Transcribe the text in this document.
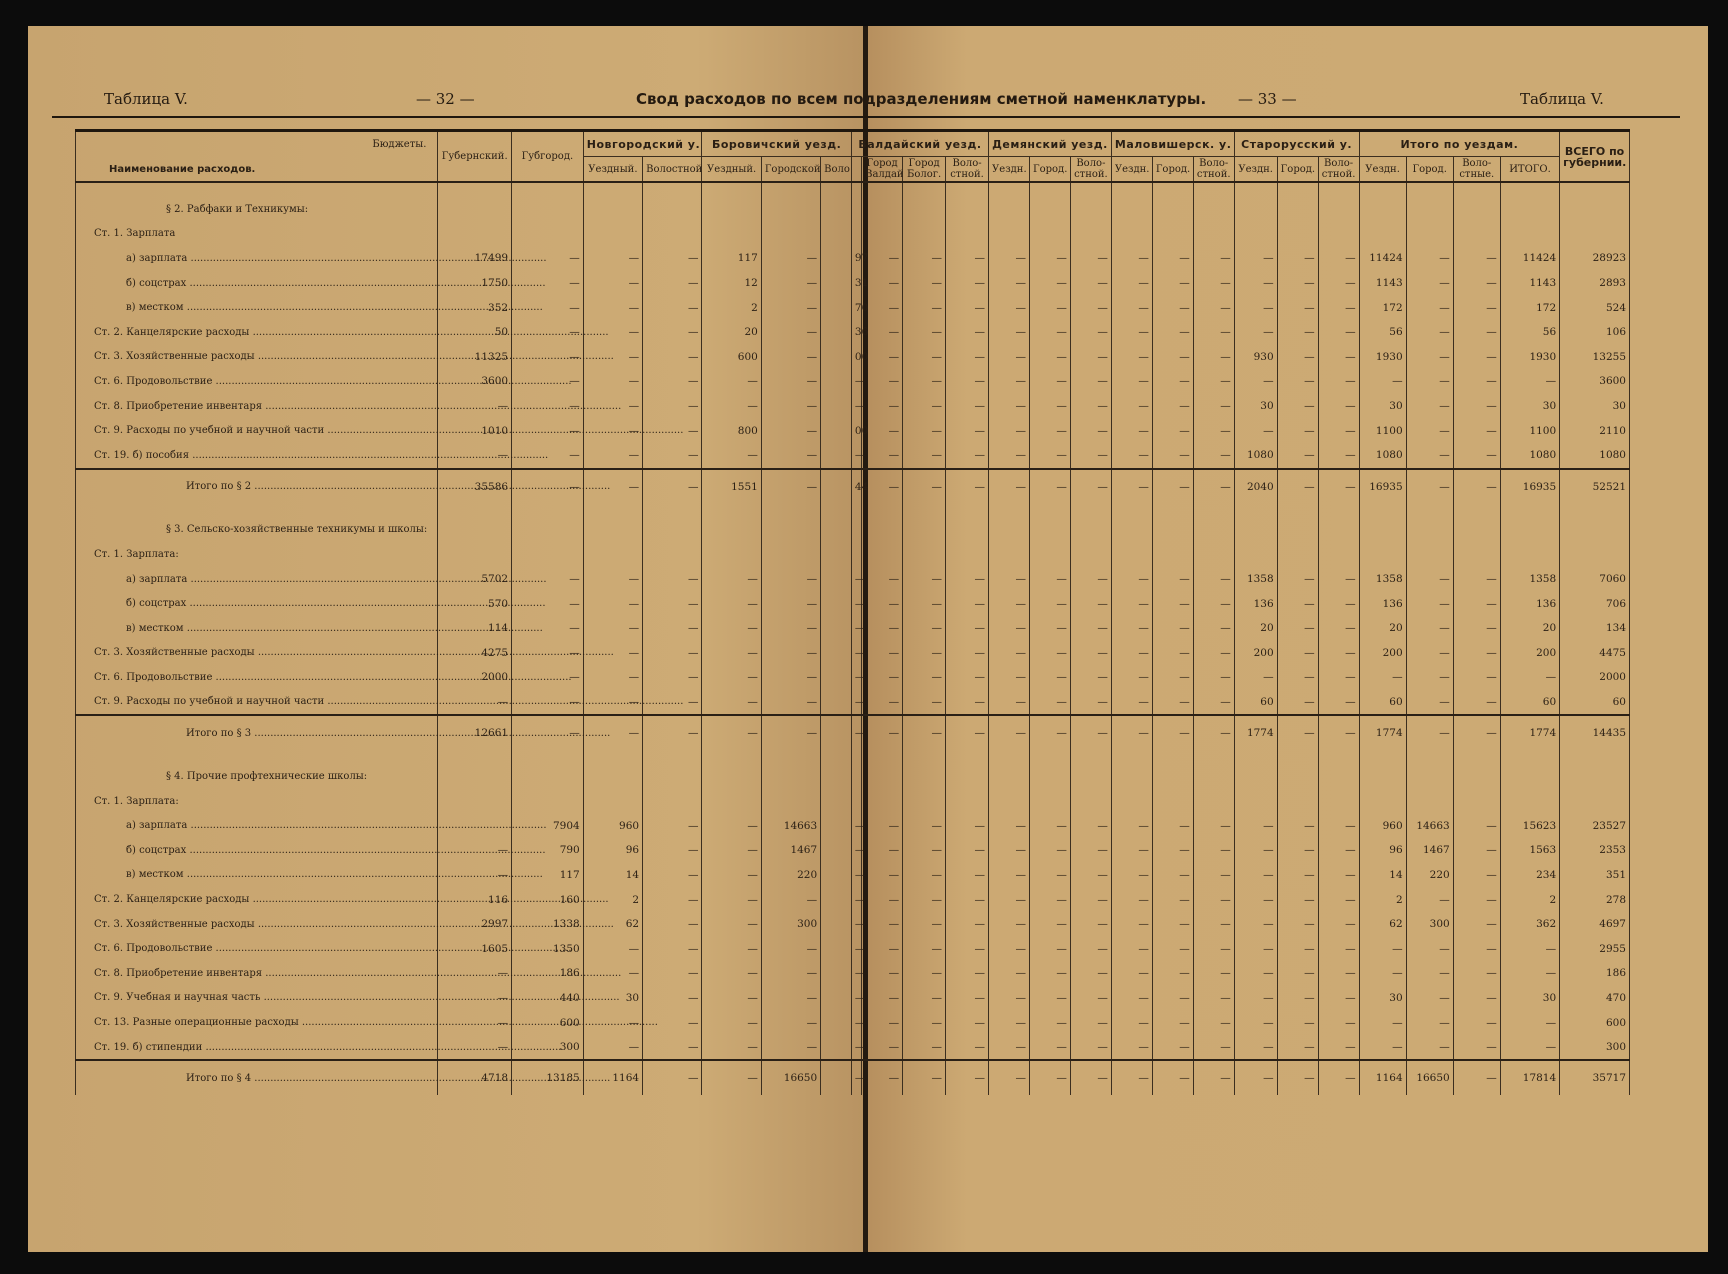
Таблица V.	— 32 —	Свод расходов по всем подразделениям сметной наменклатуры. — 33 —	Таблица V.
Бюджеты.
Наименование расходов.	Губернский.	Губгород.	Новгородский у.		Боровичский уезд.			Валдайский уезд.				Демянский уезд.			Маловишерск. у.			Старорусский у.			Итого по уездам.				ВСЕГО по губернии.
			Уездный.	Волостной	Уездный.	Городской	Воло		Город Валдай	Город Болог.	Воло-стной.	Уездн.	Город.	Воло-стной.	Уездн.	Город.	Воло-стной.	Уездн.	Город.	Воло-стной.	Уездн.	Город.	Воло-стные.	ИТОГО.	

§ 2. Рабфаки и Техникумы:																									
Ст. 1. Зарплата																									
а) зарплата .....	17499	—	—	—	117	—		97	—	—	—	—	—	—	—	—	—	—	—	—	11424	—	—	11424	28923
б) соцстрах .....	1750	—	—	—	12	—		31	—	—	—	—	—	—	—	—	—	—	—	—	1143	—	—	1143	2893
в) местком .....	352	—	—	—	2	—		70	—	—	—	—	—	—	—	—	—	—	—	—	172	—	—	172	524
Ст. 2. Канцелярские расходы .....	50	—	—	—	20	—		36	—	—	—	—	—	—	—	—	—	—	—	—	56	—	—	56	106
Ст. 3. Хозяйственные расходы .....	11325	—	—	—	600	—		00	—	—	—	—	—	—	—	—	—	930	—	—	1930	—	—	1930	13255
Ст. 6. Продовольствие .....	3600	—	—	—	—	—		—	—	—	—	—	—	—	—	—	—	—	—	—	—	—	—	—	3600
Ст. 8. Приобретение инвентаря .....	—	—	—	—	—	—		—	—	—	—	—	—	—	—	—	—	30	—	—	30	—	—	30	30
Ст. 9. Расходы по учебной и научной части .....	1010	—	—	—	800	—		00	—	—	—	—	—	—	—	—	—	—	—	—	1100	—	—	1100	2110
Ст. 19. б) пособия .....	—	—	—	—	—	—		—	—	—	—	—	—	—	—	—	—	1080	—	—	1080	—	—	1080	1080
Итого по § 2 .....	35586	—	—	—	1551	—		44	—	—	—	—	—	—	—	—	—	2040	—	—	16935	—	—	16935	52521

§ 3. Сельско-хозяйственные техникумы и школы:																									
Ст. 1. Зарплата:																									
а) зарплата .....	5702	—	—	—	—	—		—	—	—	—	—	—	—	—	—	—	1358	—	—	1358	—	—	1358	7060
б) соцстрах .....	570	—	—	—	—	—		—	—	—	—	—	—	—	—	—	—	136	—	—	136	—	—	136	706
в) местком .....	114	—	—	—	—	—		—	—	—	—	—	—	—	—	—	—	20	—	—	20	—	—	20	134
Ст. 3. Хозяйственные расходы .....	4275	—	—	—	—	—		—	—	—	—	—	—	—	—	—	—	200	—	—	200	—	—	200	4475
Ст. 6. Продовольствие .....	2000	—	—	—	—	—		—	—	—	—	—	—	—	—	—	—	—	—	—	—	—	—	—	2000
Ст. 9. Расходы по учебной и научной части .....	—	—	—	—	—	—		—	—	—	—	—	—	—	—	—	—	60	—	—	60	—	—	60	60
Итого по § 3 .....	12661	—	—	—	—	—		—	—	—	—	—	—	—	—	—	—	1774	—	—	1774	—	—	1774	14435

§ 4. Прочие профтехнические школы:																									
Ст. 1. Зарплата:																									
а) зарплата .....		7904	960	—	—	14663		—	—	—	—	—	—	—	—	—	—	—	—	—	960	14663	—	15623	23527
б) соцстрах .....	—	790	96	—	—	1467		—	—	—	—	—	—	—	—	—	—	—	—	—	96	1467	—	1563	2353
в) местком .....	—	117	14	—	—	220		—	—	—	—	—	—	—	—	—	—	—	—	—	14	220	—	234	351
Ст. 2. Канцелярские расходы .....	116	160	2	—	—	—		—	—	—	—	—	—	—	—	—	—	—	—	—	2	—	—	2	278
Ст. 3. Хозяйственные расходы .....	2997	1338	62	—	—	300		—	—	—	—	—	—	—	—	—	—	—	—	—	62	300	—	362	4697
Ст. 6. Продовольствие .....	1605	1350	—	—	—	—		—	—	—	—	—	—	—	—	—	—	—	—	—	—	—	—	—	2955
Ст. 8. Приобретение инвентаря .....	—	186	—	—	—	—		—	—	—	—	—	—	—	—	—	—	—	—	—	—	—	—	—	186
Ст. 9. Учебная и научная часть .....	—	440	30	—	—	—		—	—	—	—	—	—	—	—	—	—	—	—	—	30	—	—	30	470
Ст. 13. Разные операционные расходы .....	—	600	—	—	—	—		—	—	—	—	—	—	—	—	—	—	—	—	—	—	—	—	—	600
Ст. 19. б) стипендии .....	—	300	—	—	—	—		—	—	—	—	—	—	—	—	—	—	—	—	—	—	—	—	—	300
Итого по § 4 .....	4718	13185	1164	—	—	16650		—	—	—	—	—	—	—	—	—	—	—	—	—	1164	16650	—	17814	35717
